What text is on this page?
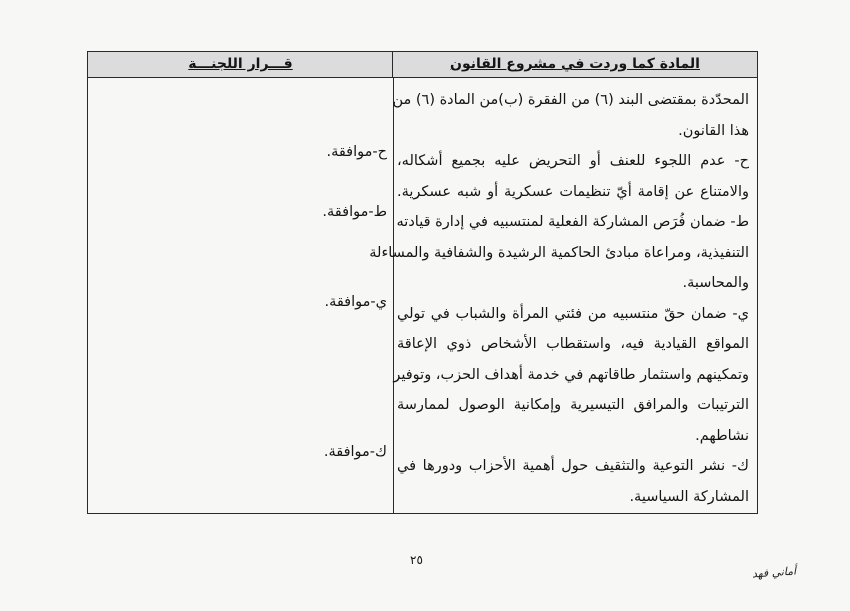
المادة كما وردت في مشروع القانون
قـــرار اللجنـــة
المحدّدة بمقتضى البند (٦) من الفقرة (ب)من المادة (٦) من
هذا القانون.
ح- عدم اللجوء للعنف أو التحريض عليه بجميع أشكاله،
والامتناع عن إقامة أيّ تنظيمات عسكرية أو شبه عسكرية.
ط- ضمان فُرَص المشاركة الفعلية لمنتسبيه في إدارة قيادته
التنفيذية، ومراعاة مبادئ الحاكمية الرشيدة والشفافية والمساءلة
والمحاسبة.
ي- ضمان حقّ منتسبيه من فئتي المرأة والشباب في تولي
المواقع القيادية فيه، واستقطاب الأشخاص ذوي الإعاقة
وتمكينهم واستثمار طاقاتهم في خدمة أهداف الحزب، وتوفير
الترتيبات والمرافق التيسيرية وإمكانية الوصول لممارسة
نشاطهم.
ك- نشر التوعية والتثقيف حول أهمية الأحزاب ودورها في
المشاركة السياسية.
ح-موافقة.
ط-موافقة.
ي-موافقة.
ك-موافقة.
٢٥
أماني فهد
